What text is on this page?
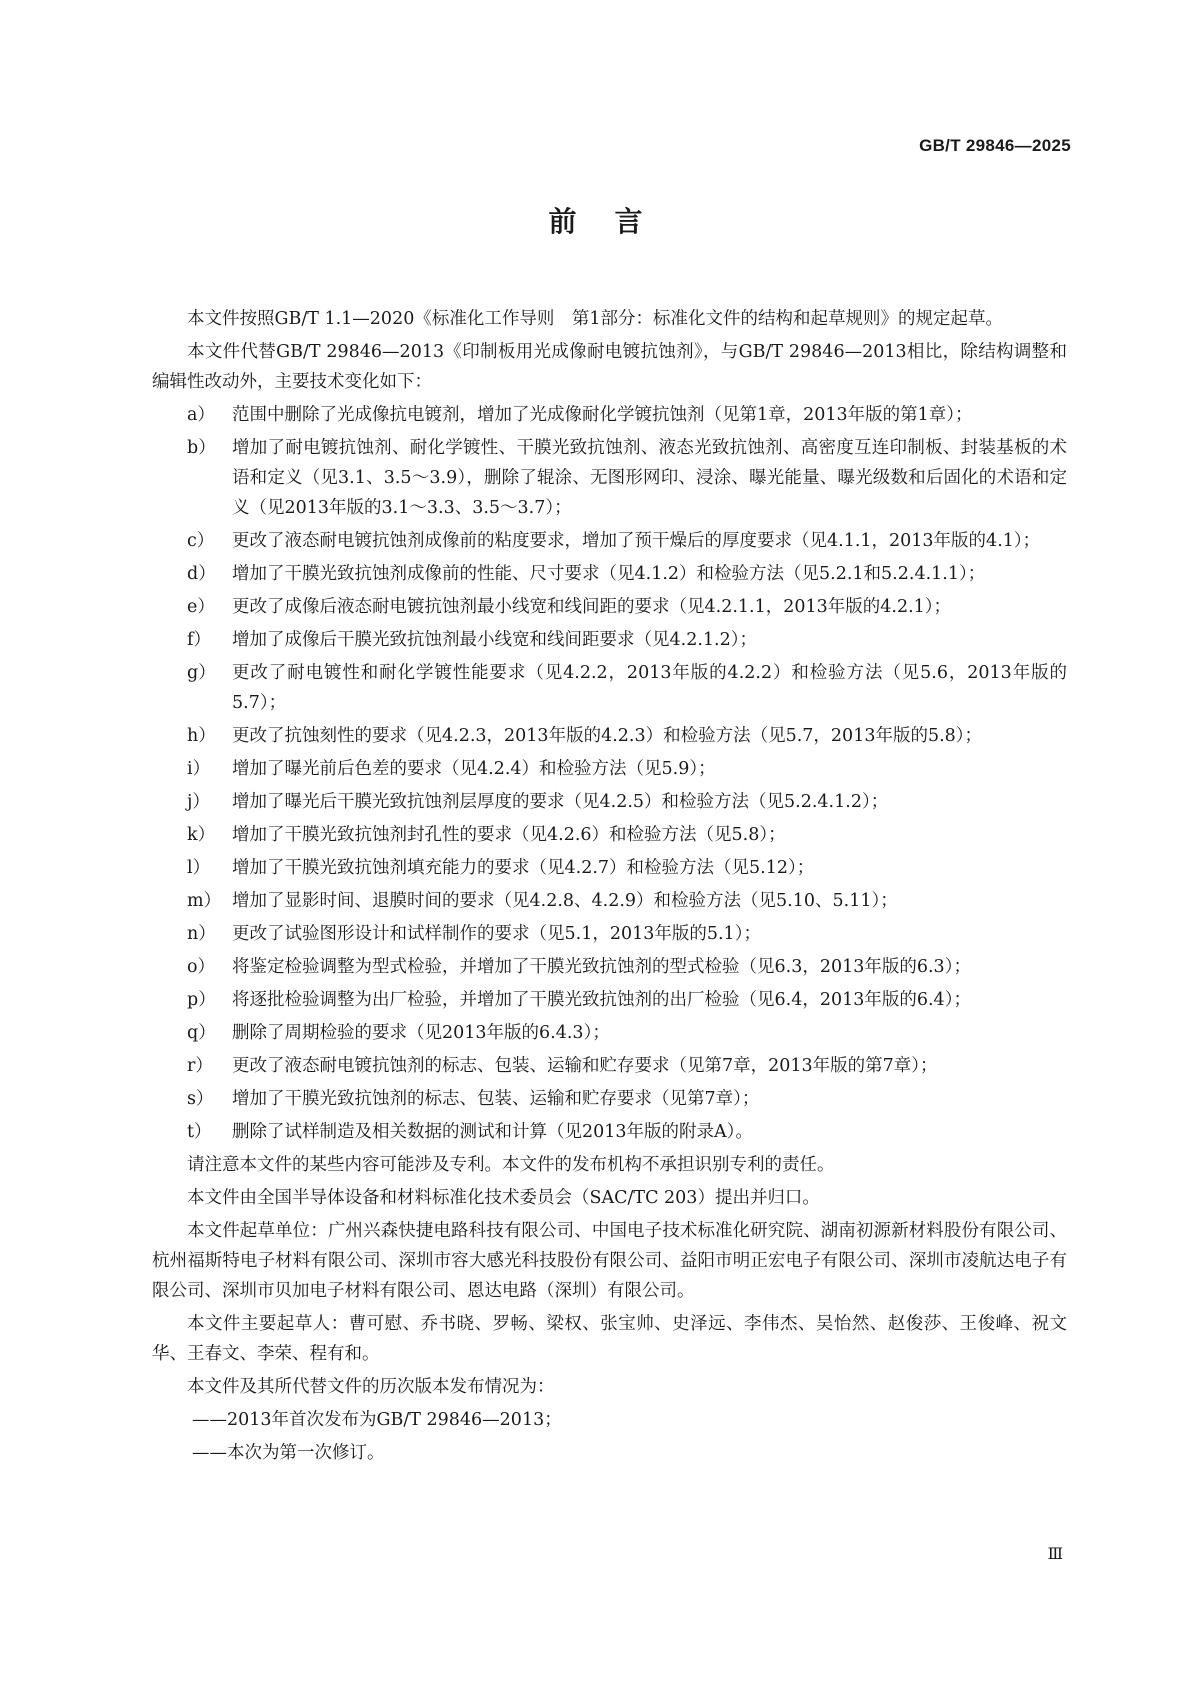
GB/T 29846—2025
前言

本文件按照GB/T 1.1—2020《标准化工作导则　第1部分：标准化文件的结构和起草规则》的规定起草。

本文件代替GB/T 29846—2013《印制板用光成像耐电镀抗蚀剂》，与GB/T 29846—2013相比，除结构调整和编辑性改动外，主要技术变化如下：

a） 范围中删除了光成像抗电镀剂，增加了光成像耐化学镀抗蚀剂（见第1章，2013年版的第1章）；
b） 增加了耐电镀抗蚀剂、耐化学镀性、干膜光致抗蚀剂、液态光致抗蚀剂、高密度互连印制板、封装基板的术语和定义（见3.1、3.5～3.9），删除了辊涂、无图形网印、浸涂、曝光能量、曝光级数和后固化的术语和定义（见2013年版的3.1～3.3、3.5～3.7）；
c）	更改了液态耐电镀抗蚀剂成像前的粘度要求，增加了预干燥后的厚度要求（见4.1.1，2013年版的4.1）；
d） 增加了干膜光致抗蚀剂成像前的性能、尺寸要求（见4.1.2）和检验方法（见5.2.1和5.2.4.1.1）；
e） 更改了成像后液态耐电镀抗蚀剂最小线宽和线间距的要求（见4.2.1.1，2013年版的4.2.1）；
f）	增加了成像后干膜光致抗蚀剂最小线宽和线间距要求（见4.2.1.2）；
g） 更改了耐电镀性和耐化学镀性能要求（见4.2.2，2013年版的4.2.2）和检验方法（见5.6，2013年版的5.7）；
h） 更改了抗蚀刻性的要求（见4.2.3，2013年版的4.2.3）和检验方法（见5.7，2013年版的5.8）；
i）	增加了曝光前后色差的要求（见4.2.4）和检验方法（见5.9）；
j）	增加了曝光后干膜光致抗蚀剂层厚度的要求（见4.2.5）和检验方法（见5.2.4.1.2）；
k） 增加了干膜光致抗蚀剂封孔性的要求（见4.2.6）和检验方法（见5.8）；
l）	增加了干膜光致抗蚀剂填充能力的要求（见4.2.7）和检验方法（见5.12）；
m） 增加了显影时间、退膜时间的要求（见4.2.8、4.2.9）和检验方法（见5.10、5.11）；
n） 更改了试验图形设计和试样制作的要求（见5.1，2013年版的5.1）；
o） 将鉴定检验调整为型式检验，并增加了干膜光致抗蚀剂的型式检验（见6.3，2013年版的6.3）；
p） 将逐批检验调整为出厂检验，并增加了干膜光致抗蚀剂的出厂检验（见6.4，2013年版的6.4）；
q） 删除了周期检验的要求（见2013年版的6.4.3）；
r）	更改了液态耐电镀抗蚀剂的标志、包装、运输和贮存要求（见第7章，2013年版的第7章）；
s）	增加了干膜光致抗蚀剂的标志、包装、运输和贮存要求（见第7章）；
t）	删除了试样制造及相关数据的测试和计算（见2013年版的附录A）。

请注意本文件的某些内容可能涉及专利。本文件的发布机构不承担识别专利的责任。

本文件由全国半导体设备和材料标准化技术委员会（SAC/TC 203）提出并归口。

本文件起草单位：广州兴森快捷电路科技有限公司、中国电子技术标准化研究院、湖南初源新材料股份有限公司、杭州福斯特电子材料有限公司、深圳市容大感光科技股份有限公司、益阳市明正宏电子有限公司、深圳市凌航达电子有限公司、深圳市贝加电子材料有限公司、恩达电路（深圳）有限公司。

本文件主要起草人：曹可慰、乔书晓、罗畅、梁权、张宝帅、史泽远、李伟杰、吴怡然、赵俊莎、王俊峰、祝文华、王春文、李荣、程有和。

本文件及其所代替文件的历次版本发布情况为：

——2013年首次发布为GB/T 29846—2013；
——本次为第一次修订。
Ⅲ
